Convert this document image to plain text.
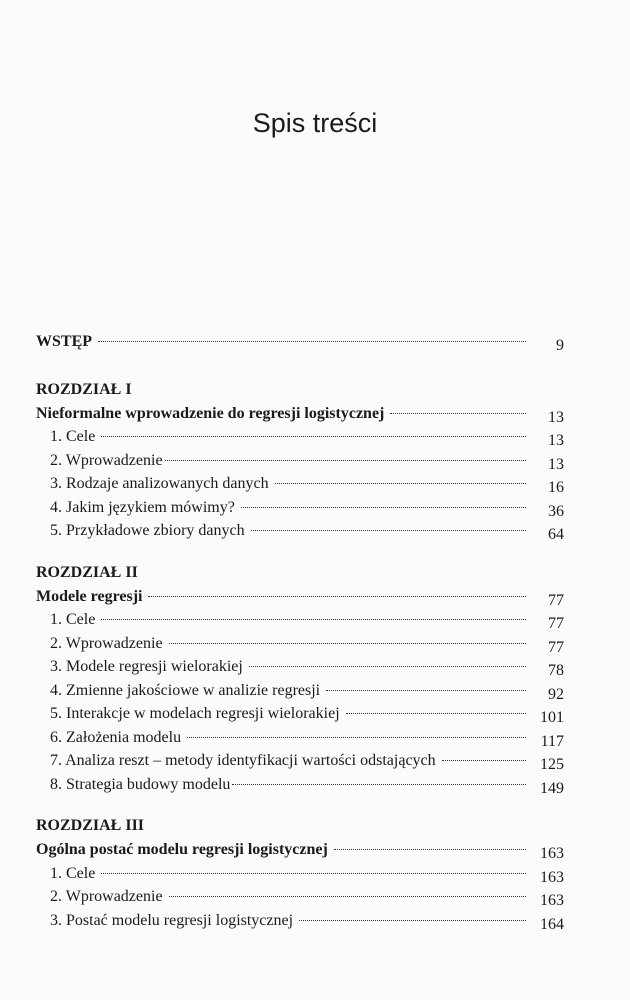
Spis treści
WSTĘP	9
ROZDZIAŁ I
Nieformalne wprowadzenie do regresji logistycznej	13
1. Cele	13
2. Wprowadzenie	13
3. Rodzaje analizowanych danych	16
4. Jakim językiem mówimy?	36
5. Przykładowe zbiory danych	64
ROZDZIAŁ II
Modele regresji	77
1. Cele	77
2. Wprowadzenie	77
3. Modele regresji wielorakiej	78
4. Zmienne jakościowe w analizie regresji	92
5. Interakcje w modelach regresji wielorakiej	101
6. Założenia modelu	117
7. Analiza reszt – metody identyfikacji wartości odstających	125
8. Strategia budowy modelu	149
ROZDZIAŁ III
Ogólna postać modelu regresji logistycznej	163
1. Cele	163
2. Wprowadzenie	163
3. Postać modelu regresji logistycznej	164
